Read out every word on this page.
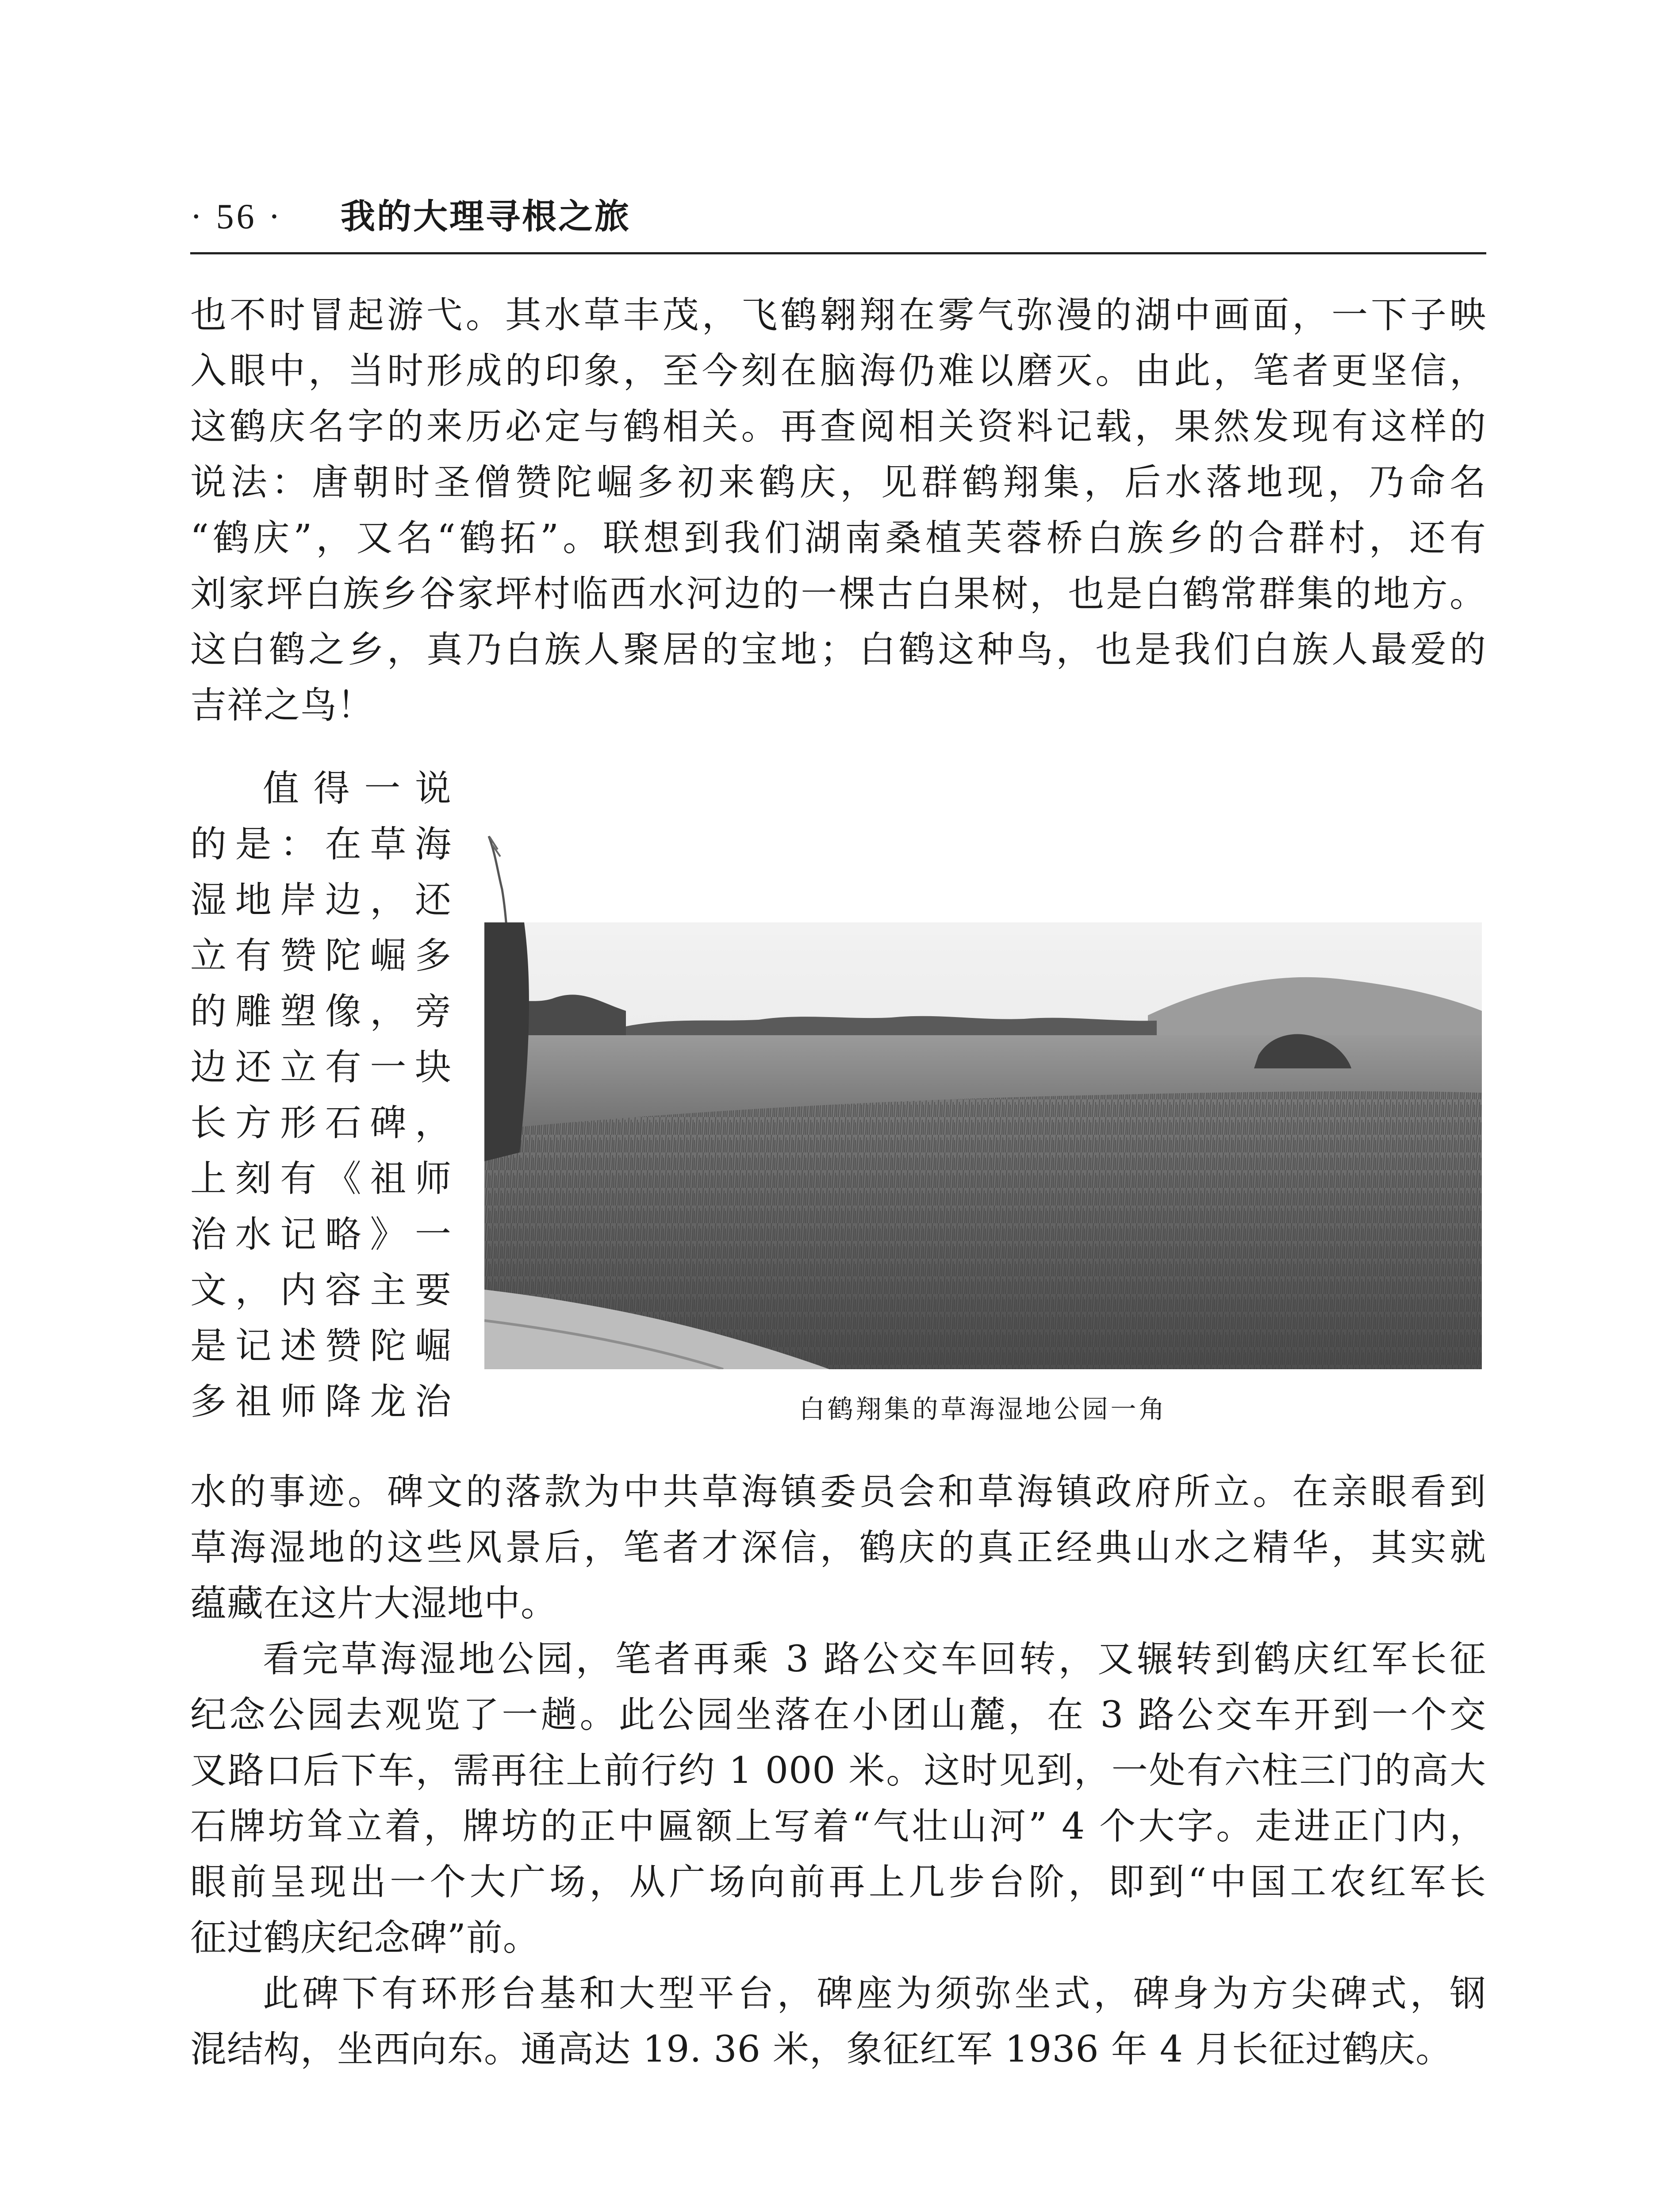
· 56 · 我的大理寻根之旅
也不时冒起游弋。其水草丰茂，飞鹤翱翔在雾气弥漫的湖中画面，一下子映
入眼中，当时形成的印象，至今刻在脑海仍难以磨灭。由此，笔者更坚信，
这鹤庆名字的来历必定与鹤相关。再查阅相关资料记载，果然发现有这样的
说法：唐朝时圣僧赞陀崛多初来鹤庆，见群鹤翔集，后水落地现，乃命名
“鹤庆”，又名“鹤拓”。联想到我们湖南桑植芙蓉桥白族乡的合群村，还有
刘家坪白族乡谷家坪村临西水河边的一棵古白果树，也是白鹤常群集的地方。
这白鹤之乡，真乃白族人聚居的宝地；白鹤这种鸟，也是我们白族人最爱的
吉祥之鸟！
值得一说
的是：在草海
湿地岸边，还
立有赞陀崛多
的雕塑像，旁
边还立有一块
长方形石碑，
上刻有《祖师
治水记略》一
文，内容主要
是记述赞陀崛
多祖师降龙治	白鹤翔集的草海湿地公园一角
水的事迹。碑文的落款为中共草海镇委员会和草海镇政府所立。在亲眼看到
草海湿地的这些风景后，笔者才深信，鹤庆的真正经典山水之精华，其实就
蕴藏在这片大湿地中。
看完草海湿地公园，笔者再乘 3 路公交车回转，又辗转到鹤庆红军长征
纪念公园去观览了一趟。此公园坐落在小团山麓，在 3 路公交车开到一个交
叉路口后下车，需再往上前行约 1 000 米。这时见到，一处有六柱三门的高大
石牌坊耸立着，牌坊的正中匾额上写着“气壮山河” 4 个大字。走进正门内，
眼前呈现出一个大广场，从广场向前再上几步台阶，即到“中国工农红军长
征过鹤庆纪念碑”前。
此碑下有环形台基和大型平台，碑座为须弥坐式，碑身为方尖碑式，钢
混结构，坐西向东。通高达 19. 36 米，象征红军 1936 年 4 月长征过鹤庆。
